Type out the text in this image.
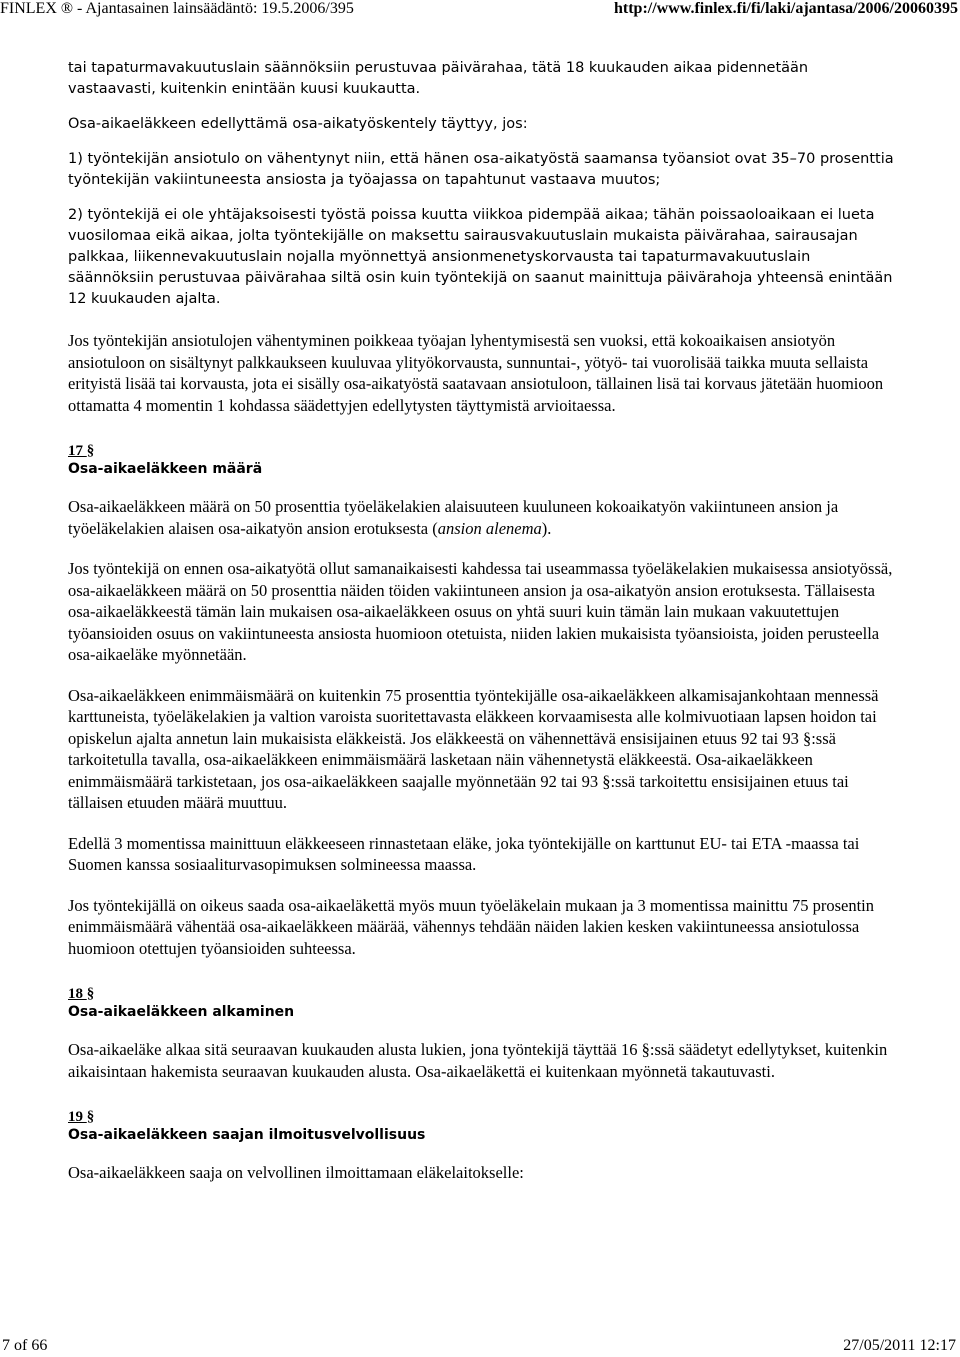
FINLEX ® - Ajantasainen lainsäädäntö: 19.5.2006/395	http://www.finlex.fi/fi/laki/ajantasa/2006/20060395

tai tapaturmavakuutuslain säännöksiin perustuvaa päivärahaa, tätä 18 kuukauden aikaa pidennetään vastaavasti, kuitenkin enintään kuusi kuukautta.

Osa-aikaeläkkeen edellyttämä osa-aikatyöskentely täyttyy, jos:

1) työntekijän ansiotulo on vähentynyt niin, että hänen osa-aikatyöstä saamansa työansiot ovat 35–70 prosenttia työntekijän vakiintuneesta ansiosta ja työajassa on tapahtunut vastaava muutos;

2) työntekijä ei ole yhtäjaksoisesti työstä poissa kuutta viikkoa pidempää aikaa; tähän poissaoloaikaan ei lueta vuosilomaa eikä aikaa, jolta työntekijälle on maksettu sairausvakuutuslain mukaista päivärahaa, sairausajan palkkaa, liikennevakuutuslain nojalla myönnettyä ansionmenetyskorvausta tai tapaturmavakuutuslain säännöksiin perustuvaa päivärahaa siltä osin kuin työntekijä on saanut mainittuja päivärahoja yhteensä enintään 12 kuukauden ajalta.

Jos työntekijän ansiotulojen vähentyminen poikkeaa työajan lyhentymisestä sen vuoksi, että kokoaikaisen ansiotyön ansiotuloon on sisältynyt palkkaukseen kuuluvaa ylityökorvausta, sunnuntai-, yötyö- tai vuorolisää taikka muuta sellaista erityistä lisää tai korvausta, jota ei sisälly osa-aikatyöstä saatavaan ansiotuloon, tällainen lisä tai korvaus jätetään huomioon ottamatta 4 momentin 1 kohdassa säädettyjen edellytysten täyttymistä arvioitaessa.

17 §
Osa-aikaeläkkeen määrä

Osa-aikaeläkkeen määrä on 50 prosenttia työeläkelakien alaisuuteen kuuluneen kokoaikatyön vakiintuneen ansion ja työeläkelakien alaisen osa-aikatyön ansion erotuksesta (ansion alenema).

Jos työntekijä on ennen osa-aikatyötä ollut samanaikaisesti kahdessa tai useammassa työeläkelakien mukaisessa ansiotyössä, osa-aikaeläkkeen määrä on 50 prosenttia näiden töiden vakiintuneen ansion ja osa-aikatyön ansion erotuksesta. Tällaisesta osa-aikaeläkkeestä tämän lain mukaisen osa-aikaeläkkeen osuus on yhtä suuri kuin tämän lain mukaan vakuutettujen työansioiden osuus on vakiintuneesta ansiosta huomioon otetuista, niiden lakien mukaisista työansioista, joiden perusteella osa-aikaeläke myönnetään.

Osa-aikaeläkkeen enimmäismäärä on kuitenkin 75 prosenttia työntekijälle osa-aikaeläkkeen alkamisajankohtaan mennessä karttuneista, työeläkelakien ja valtion varoista suoritettavasta eläkkeen korvaamisesta alle kolmivuotiaan lapsen hoidon tai opiskelun ajalta annetun lain mukaisista eläkkeistä. Jos eläkkeestä on vähennettävä ensisijainen etuus 92 tai 93 §:ssä tarkoitetulla tavalla, osa-aikaeläkkeen enimmäismäärä lasketaan näin vähennetystä eläkkeestä. Osa-aikaeläkkeen enimmäismäärä tarkistetaan, jos osa-aikaeläkkeen saajalle myönnetään 92 tai 93 §:ssä tarkoitettu ensisijainen etuus tai tällaisen etuuden määrä muuttuu.

Edellä 3 momentissa mainittuun eläkkeeseen rinnastetaan eläke, joka työntekijälle on karttunut EU- tai ETA -maassa tai Suomen kanssa sosiaaliturvasopimuksen solmineessa maassa.

Jos työntekijällä on oikeus saada osa-aikaeläkettä myös muun työeläkelain mukaan ja 3 momentissa mainittu 75 prosentin enimmäismäärä vähentää osa-aikaeläkkeen määrää, vähennys tehdään näiden lakien kesken vakiintuneessa ansiotulossa huomioon otettujen työansioiden suhteessa.

18 §
Osa-aikaeläkkeen alkaminen

Osa-aikaeläke alkaa sitä seuraavan kuukauden alusta lukien, jona työntekijä täyttää 16 §:ssä säädetyt edellytykset, kuitenkin aikaisintaan hakemista seuraavan kuukauden alusta. Osa-aikaeläkettä ei kuitenkaan myönnetä takautuvasti.

19 §
Osa-aikaeläkkeen saajan ilmoitusvelvollisuus

Osa-aikaeläkkeen saaja on velvollinen ilmoittamaan eläkelaitokselle:

7 of 66	27/05/2011 12:17
